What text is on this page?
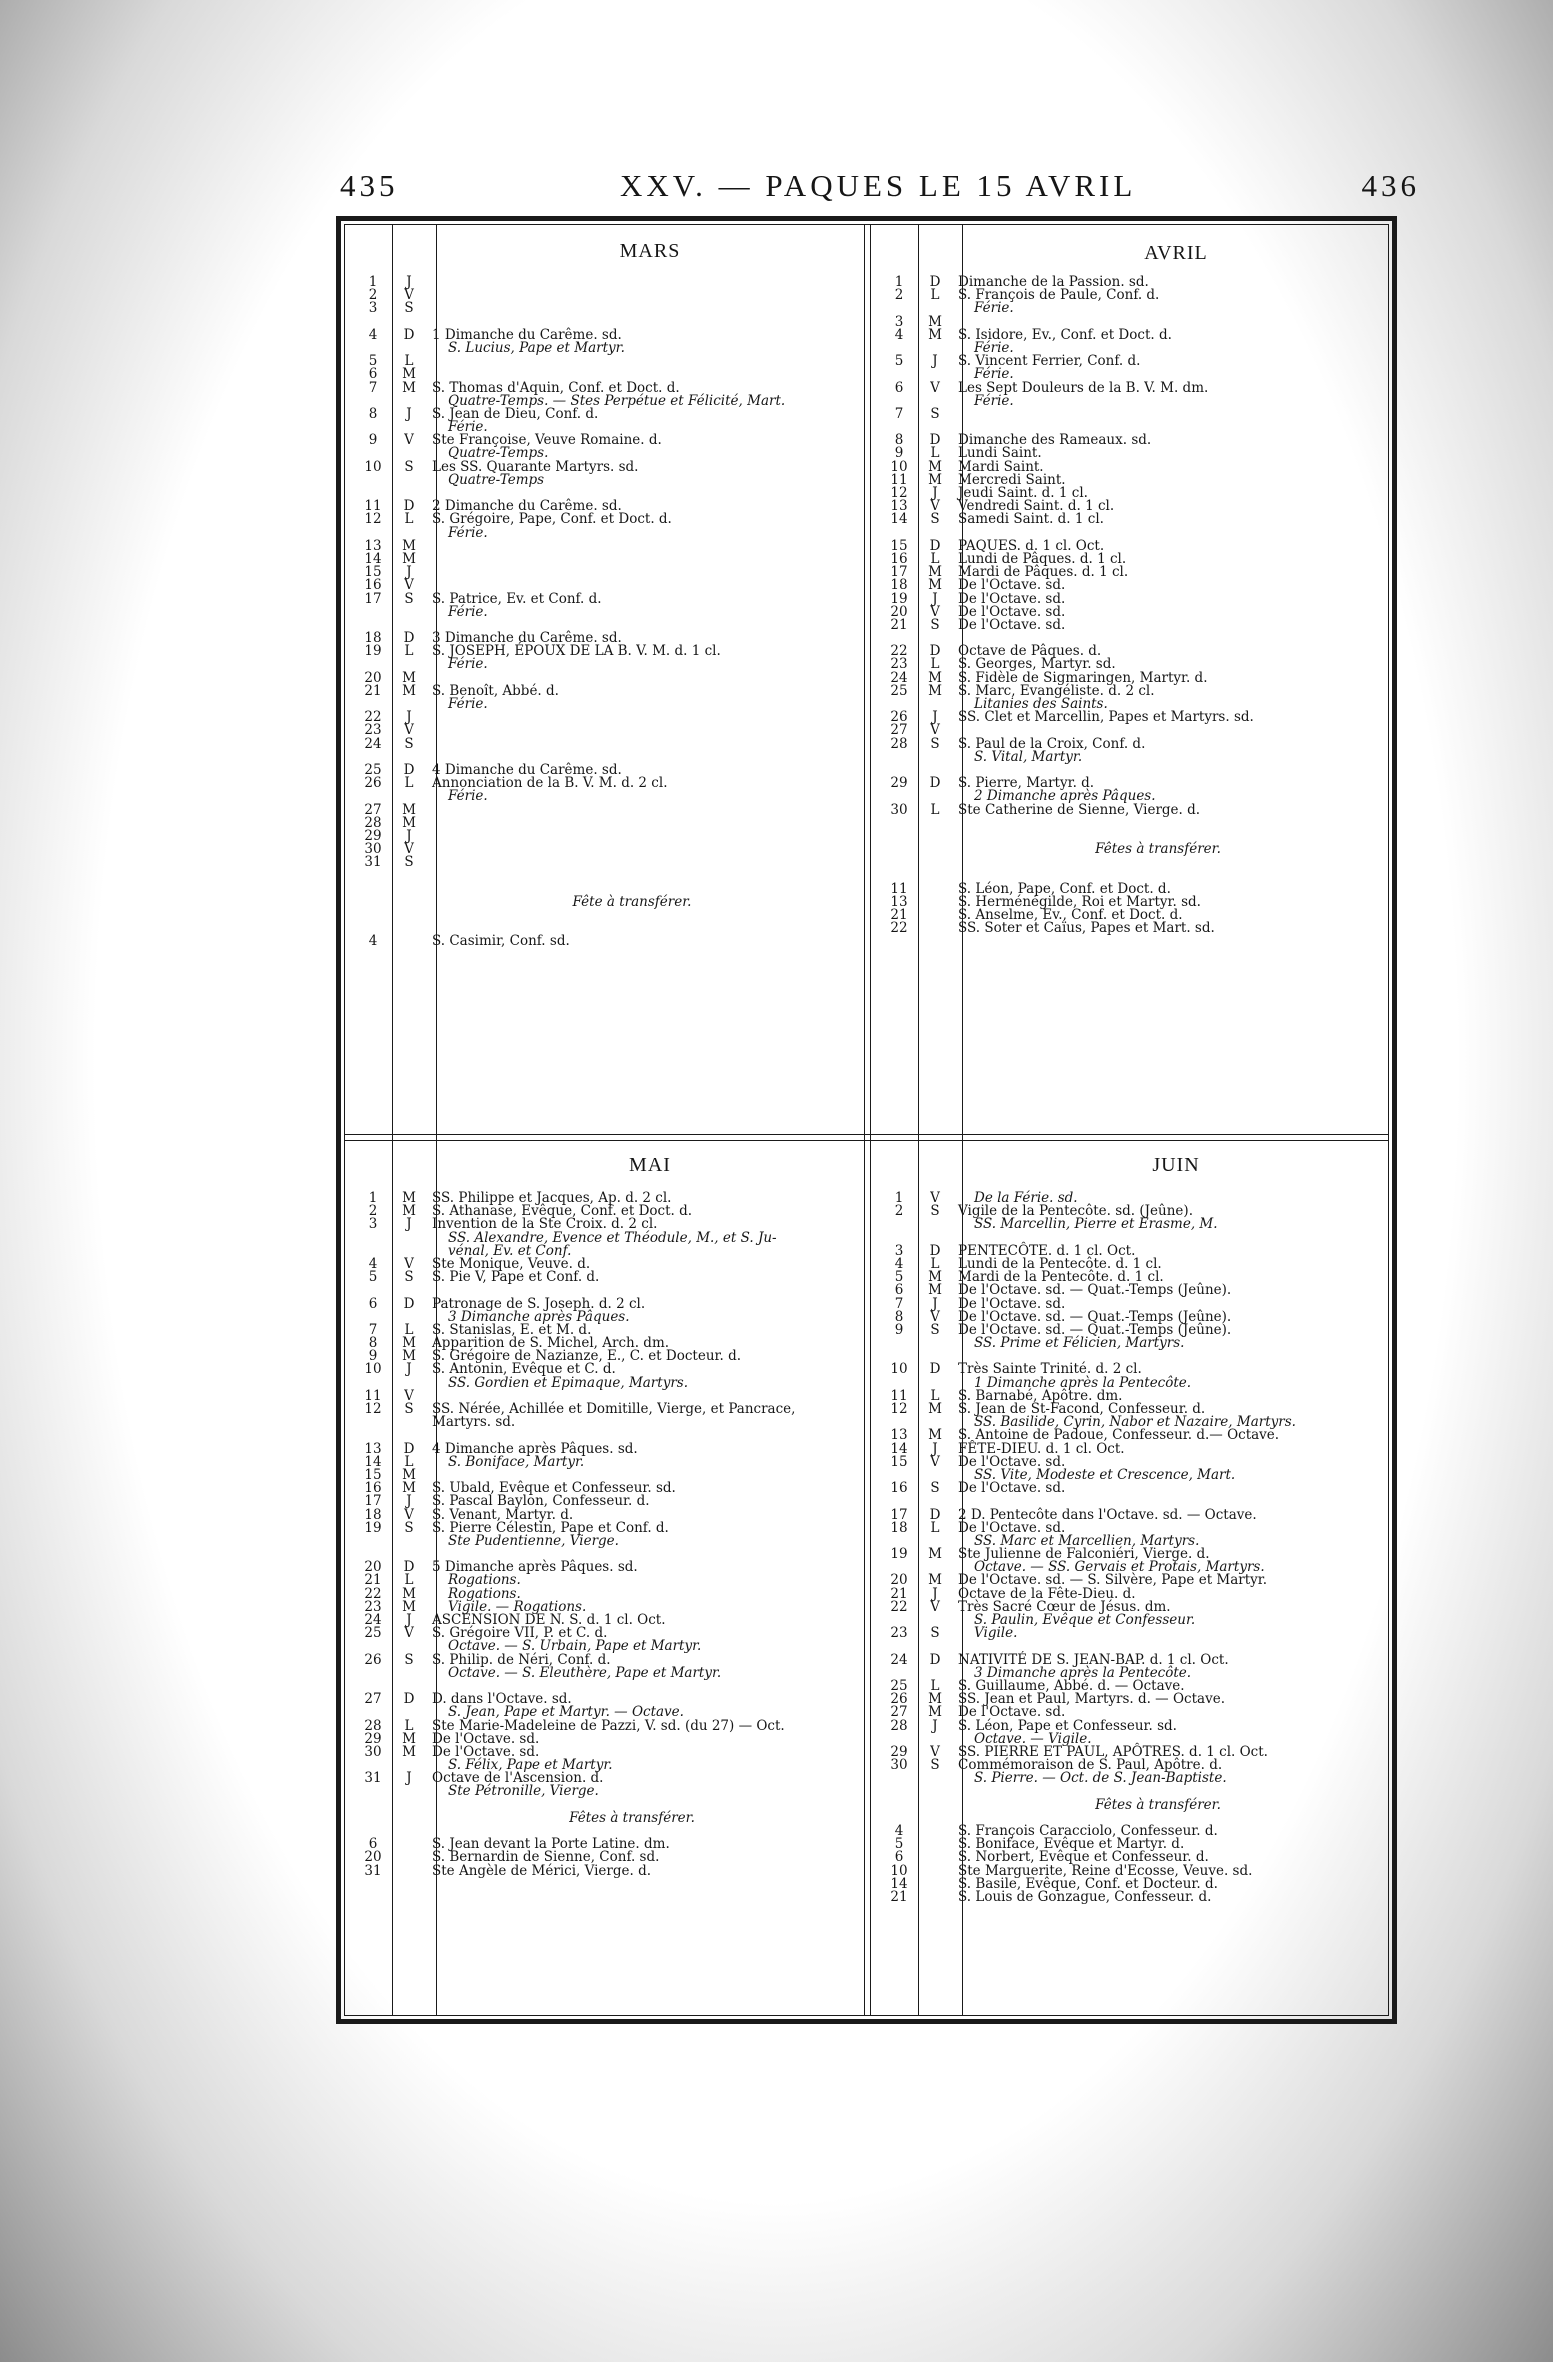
435	XXV. — PAQUES LE 15 AVRIL	436
MARS	AVRIL
MAI	JUIN
1	J
2	V
3	S
4	D	1 Dimanche du Carême. sd.
S. Lucius, Pape et Martyr.
5	L
6	M
7	M	S. Thomas d'Aquin, Conf. et Doct. d.
Quatre-Temps. — Stes Perpétue et Félicité, Mart.
8	J	S. Jean de Dieu, Conf. d.
Férie.
9	V	Ste Françoise, Veuve Romaine. d.
Quatre-Temps.
10	S	Les SS. Quarante Martyrs. sd.
Quatre-Temps
11	D	2 Dimanche du Carême. sd.
12	L	S. Grégoire, Pape, Conf. et Doct. d.
Férie.
13	M
14	M
15	J
16	V
17	S	S. Patrice, Ev. et Conf. d.
Férie.
18	D	3 Dimanche du Carême. sd.
19	L	S. JOSEPH, ÉPOUX DE LA B. V. M. d. 1 cl.
Férie.
20	M
21	M	S. Benoît, Abbé. d.
Férie.
22	J
23	V
24	S
25	D	4 Dimanche du Carême. sd.
26	L	Annonciation de la B. V. M. d. 2 cl.
Férie.
27	M
28	M
29	J
30	V
31	S
Fête à transférer.
4	S. Casimir, Conf. sd.
1	D	Dimanche de la Passion. sd.
2	L	S. François de Paule, Conf. d.
Férie.
3	M
4	M	S. Isidore, Ev., Conf. et Doct. d.
Férie.
5	J	S. Vincent Ferrier, Conf. d.
Férie.
6	V	Les Sept Douleurs de la B. V. M. dm.
Férie.
7	S
8	D	Dimanche des Rameaux. sd.
9	L	Lundi Saint.
10	M	Mardi Saint.
11	M	Mercredi Saint.
12	J	Jeudi Saint. d. 1 cl.
13	V	Vendredi Saint. d. 1 cl.
14	S	Samedi Saint. d. 1 cl.
15	D	PAQUES. d. 1 cl. Oct.
16	L	Lundi de Pâques. d. 1 cl.
17	M	Mardi de Pâques. d. 1 cl.
18	M	De l'Octave. sd.
19	J	De l'Octave. sd.
20	V	De l'Octave. sd.
21	S	De l'Octave. sd.
22	D	Octave de Pâques. d.
23	L	S. Georges, Martyr. sd.
24	M	S. Fidèle de Sigmaringen, Martyr. d.
25	M	S. Marc, Evangéliste. d. 2 cl.
Litanies des Saints.
26	J	SS. Clet et Marcellin, Papes et Martyrs. sd.
27	V
28	S	S. Paul de la Croix, Conf. d.
S. Vital, Martyr.
29	D	S. Pierre, Martyr. d.
2 Dimanche après Pâques.
30	L	Ste Catherine de Sienne, Vierge. d.
Fêtes à transférer.
11	S. Léon, Pape, Conf. et Doct. d.
13	S. Herménégilde, Roi et Martyr. sd.
21	S. Anselme, Ev., Conf. et Doct. d.
22	SS. Soter et Caïus, Papes et Mart. sd.
1	M	SS. Philippe et Jacques, Ap. d. 2 cl.
2	M	S. Athanase, Evêque, Conf. et Doct. d.
3	J	Invention de la Ste Croix. d. 2 cl.
SS. Alexandre, Evence et Théodule, M., et S. Ju-
vénal, Ev. et Conf.
4	V	Ste Monique, Veuve. d.
5	S	S. Pie V, Pape et Conf. d.
6	D	Patronage de S. Joseph. d. 2 cl.
3 Dimanche après Pâques.
7	L	S. Stanislas, E. et M. d.
8	M	Apparition de S. Michel, Arch. dm.
9	M	S. Grégoire de Nazianze, E., C. et Docteur. d.
10	J	S. Antonin, Evêque et C. d.
SS. Gordien et Epimaque, Martyrs.
11	V
12	S	SS. Nérée, Achillée et Domitille, Vierge, et Pancrace,
Martyrs. sd.
13	D	4 Dimanche après Pâques. sd.
14	L	S. Boniface, Martyr.
15	M
16	M	S. Ubald, Evêque et Confesseur. sd.
17	J	S. Pascal Baylon, Confesseur. d.
18	V	S. Venant, Martyr. d.
19	S	S. Pierre Célestin, Pape et Conf. d.
Ste Pudentienne, Vierge.
20	D	5 Dimanche après Pâques. sd.
21	L	Rogations.
22	M	Rogations.
23	M	Vigile. — Rogations.
24	J	ASCENSION DE N. S. d. 1 cl. Oct.
25	V	S. Grégoire VII, P. et C. d.
Octave. — S. Urbain, Pape et Martyr.
26	S	S. Philip. de Néri, Conf. d.
Octave. — S. Eleuthère, Pape et Martyr.
27	D	D. dans l'Octave. sd.
S. Jean, Pape et Martyr. — Octave.
28	L	Ste Marie-Madeleine de Pazzi, V. sd. (du 27) — Oct.
29	M	De l'Octave. sd.
30	M	De l'Octave. sd.
S. Félix, Pape et Martyr.
31	J	Octave de l'Ascension. d.
Ste Pétronille, Vierge.
Fêtes à transférer.
6	S. Jean devant la Porte Latine. dm.
20	S. Bernardin de Sienne, Conf. sd.
31	Ste Angèle de Mérici, Vierge. d.
1	V	De la Férie. sd.
2	S	Vigile de la Pentecôte. sd. (Jeûne).
SS. Marcellin, Pierre et Erasme, M.
3	D	PENTECÔTE. d. 1 cl. Oct.
4	L	Lundi de la Pentecôte. d. 1 cl.
5	M	Mardi de la Pentecôte. d. 1 cl.
6	M	De l'Octave. sd. — Quat.-Temps (Jeûne).
7	J	De l'Octave. sd.
8	V	De l'Octave. sd. — Quat.-Temps (Jeûne).
9	S	De l'Octave. sd. — Quat.-Temps (Jeûne).
SS. Prime et Félicien, Martyrs.
10	D	Très Sainte Trinité. d. 2 cl.
1 Dimanche après la Pentecôte.
11	L	S. Barnabé, Apôtre. dm.
12	M	S. Jean de St-Facond, Confesseur. d.
SS. Basilide, Cyrin, Nabor et Nazaire, Martyrs.
13	M	S. Antoine de Padoue, Confesseur. d.— Octave.
14	J	FÊTE-DIEU. d. 1 cl. Oct.
15	V	De l'Octave. sd.
SS. Vite, Modeste et Crescence, Mart.
16	S	De l'Octave. sd.
17	D	2 D. Pentecôte dans l'Octave. sd. — Octave.
18	L	De l'Octave. sd.
SS. Marc et Marcellien, Martyrs.
19	M	Ste Julienne de Falconiéri, Vierge. d.
Octave. — SS. Gervais et Protais, Martyrs.
20	M	De l'Octave. sd. — S. Silvère, Pape et Martyr.
21	J	Octave de la Fête-Dieu. d.
22	V	Très Sacré Cœur de Jésus. dm.
S. Paulin, Evêque et Confesseur.
23	S	Vigile.
24	D	NATIVITÉ DE S. JEAN-BAP. d. 1 cl. Oct.
3 Dimanche après la Pentecôte.
25	L	S. Guillaume, Abbé. d. — Octave.
26	M	SS. Jean et Paul, Martyrs. d. — Octave.
27	M	De l'Octave. sd.
28	J	S. Léon, Pape et Confesseur. sd.
Octave. — Vigile.
29	V	SS. PIERRE ET PAUL, APÔTRES. d. 1 cl. Oct.
30	S	Commémoraison de S. Paul, Apôtre. d.
S. Pierre. — Oct. de S. Jean-Baptiste.
Fêtes à transférer.
4	S. François Caracciolo, Confesseur. d.
5	S. Boniface, Evêque et Martyr. d.
6	S. Norbert, Evêque et Confesseur. d.
10	Ste Marguerite, Reine d'Ecosse, Veuve. sd.
14	S. Basile, Evêque, Conf. et Docteur. d.
21	S. Louis de Gonzague, Confesseur. d.
